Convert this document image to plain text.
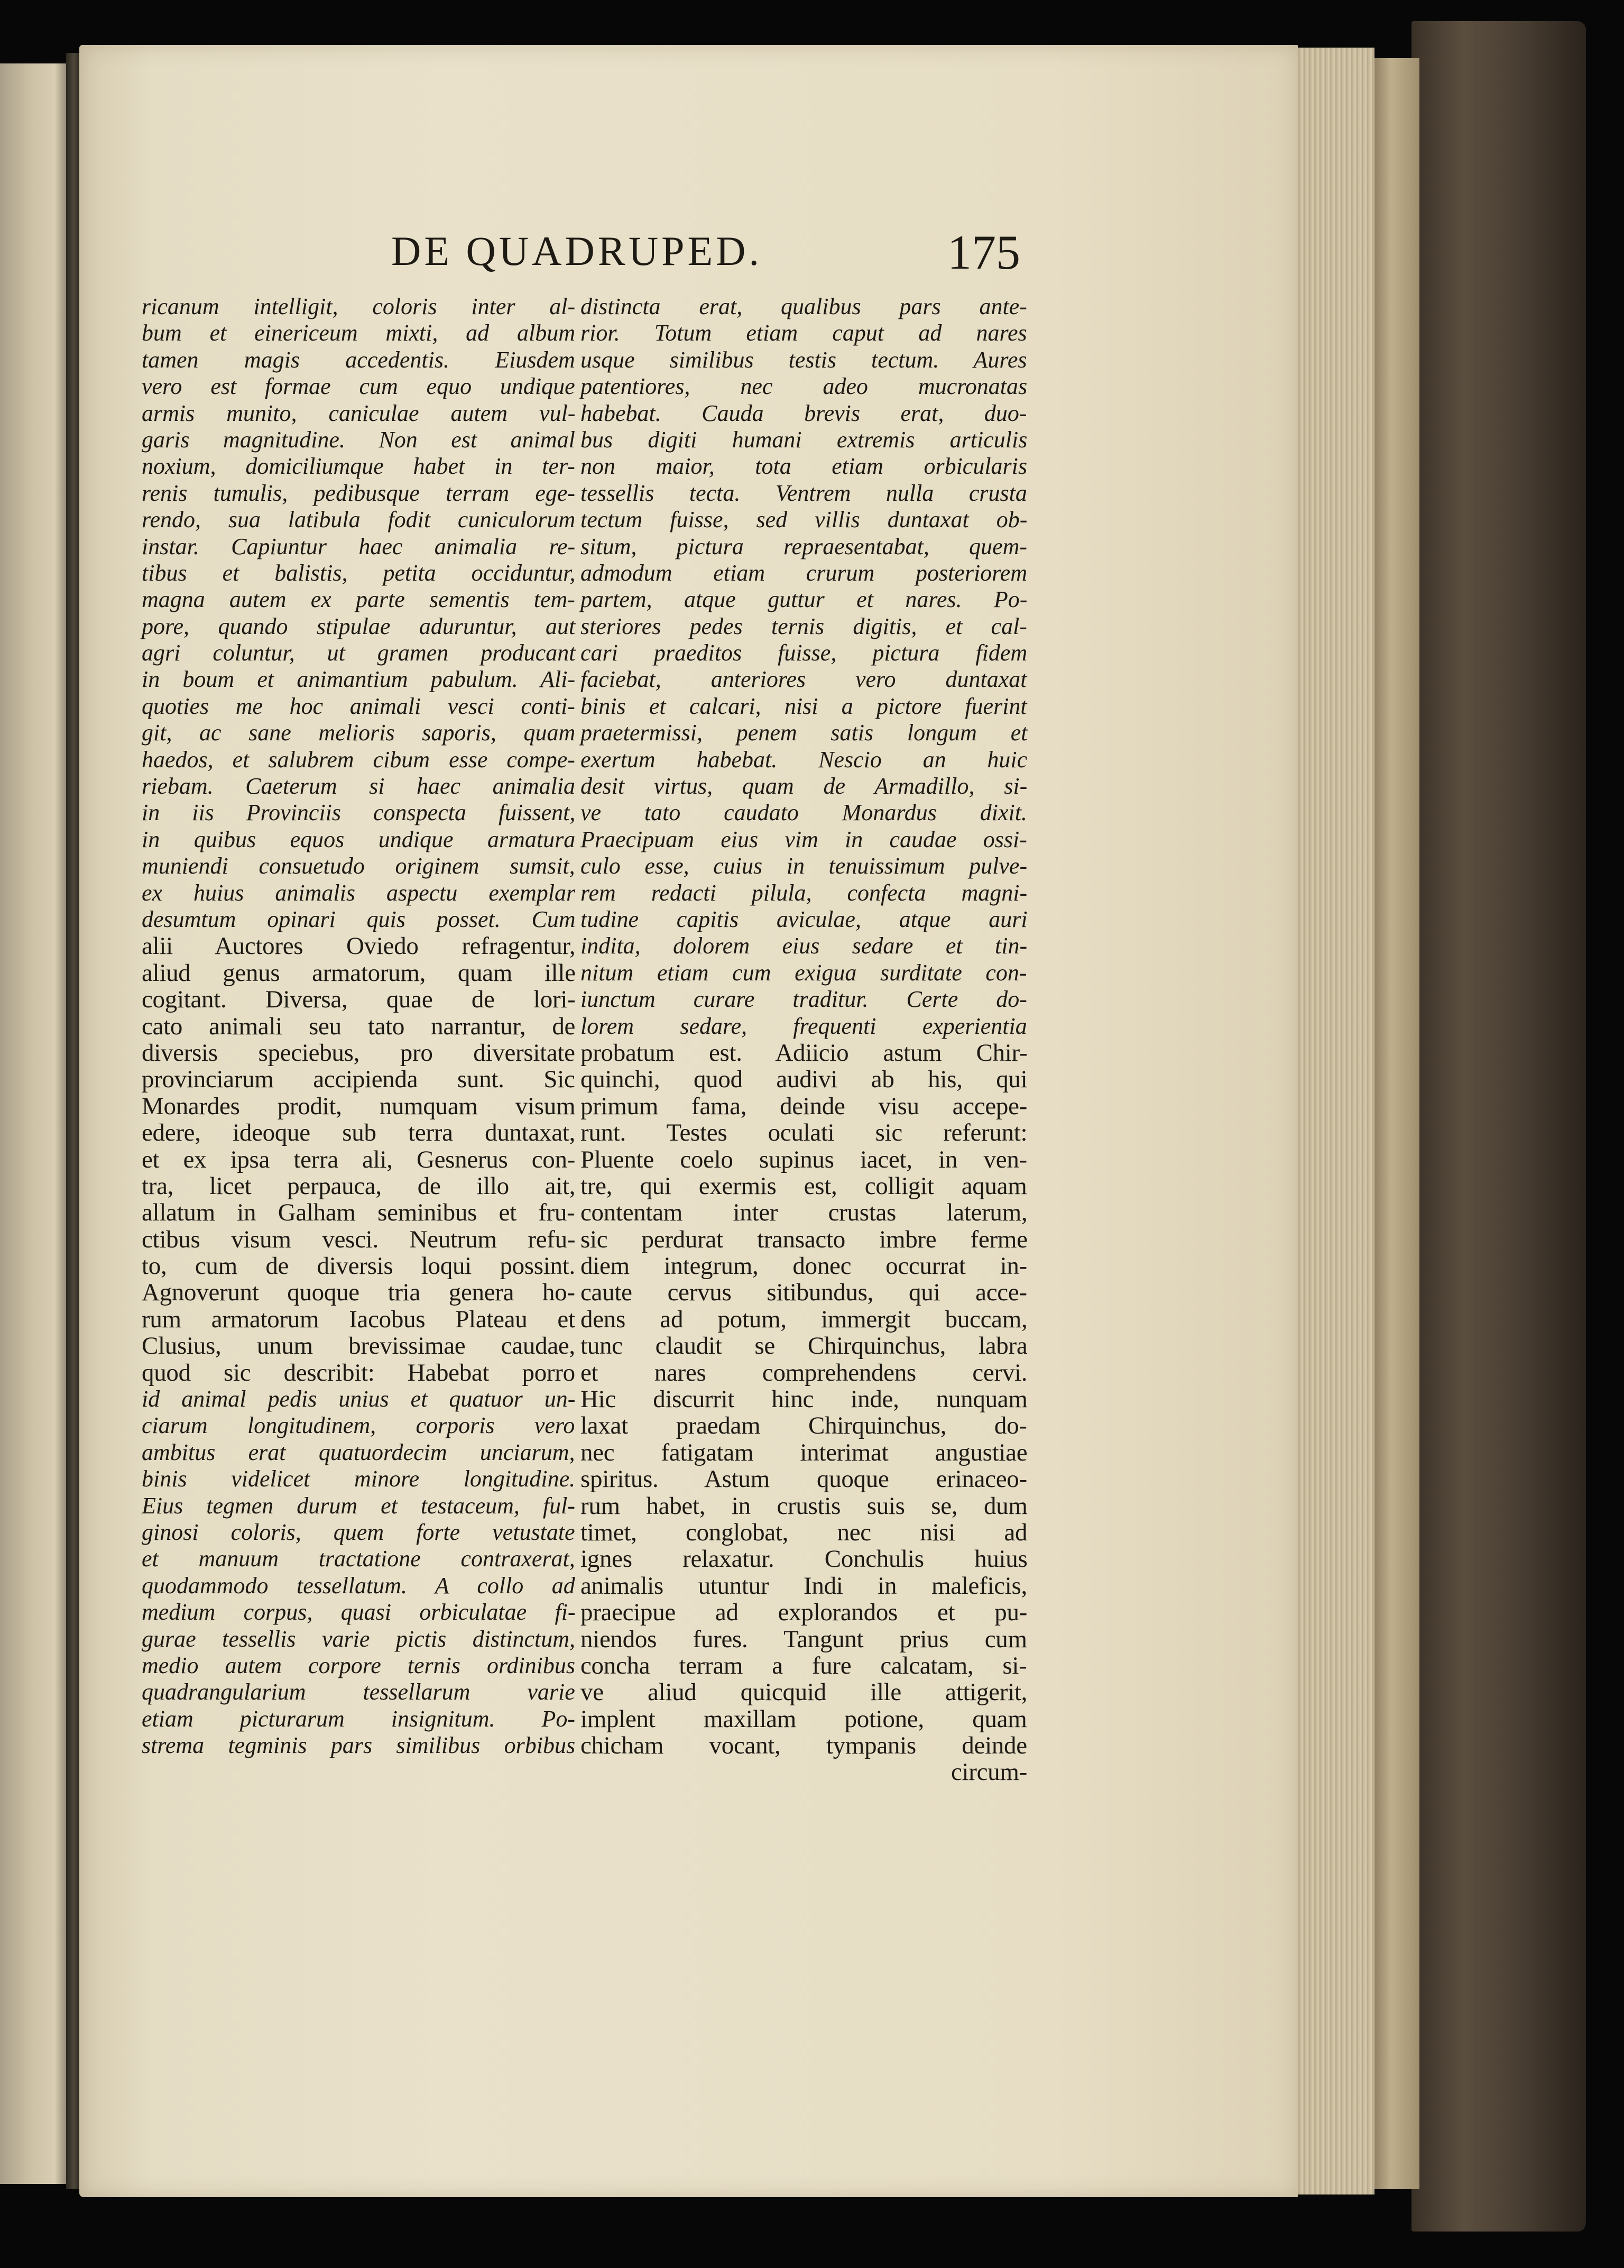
DE QUADRUPED.	175
ricanum intelligit, coloris inter al-
bum et einericeum mixti, ad album
tamen magis accedentis. Eiusdem
vero est formae cum equo undique
armis munito, caniculae autem vul-
garis magnitudine. Non est animal
noxium, domiciliumque habet in ter-
renis tumulis, pedibusque terram ege-
rendo, sua latibula fodit cuniculorum
instar. Capiuntur haec animalia re-
tibus et balistis, petita occiduntur,
magna autem ex parte sementis tem-
pore, quando stipulae aduruntur, aut
agri coluntur, ut gramen producant
in boum et animantium pabulum. Ali-
quoties me hoc animali vesci conti-
git, ac sane melioris saporis, quam
haedos, et salubrem cibum esse compe-
riebam. Caeterum si haec animalia
in iis Provinciis conspecta fuissent,
in quibus equos undique armatura
muniendi consuetudo originem sumsit,
ex huius animalis aspectu exemplar
desumtum opinari quis posset. Cum
alii Auctores Oviedo refragentur,
aliud genus armatorum, quam ille
cogitant. Diversa, quae de lori-
cato animali seu tato narrantur, de
diversis speciebus, pro diversitate
provinciarum accipienda sunt. Sic
Monardes prodit, numquam visum
edere, ideoque sub terra duntaxat,
et ex ipsa terra ali, Gesnerus con-
tra, licet perpauca, de illo ait,
allatum in Galham seminibus et fru-
ctibus visum vesci. Neutrum refu-
to, cum de diversis loqui possint.
Agnoverunt quoque tria genera ho-
rum armatorum Iacobus Plateau et
Clusius, unum brevissimae caudae,
quod sic describit: Habebat porro
id animal pedis unius et quatuor un-
ciarum longitudinem, corporis vero
ambitus erat quatuordecim unciarum,
binis videlicet minore longitudine.
Eius tegmen durum et testaceum, ful-
ginosi coloris, quem forte vetustate
et manuum tractatione contraxerat,
quodammodo tessellatum. A collo ad
medium corpus, quasi orbiculatae fi-
gurae tessellis varie pictis distinctum,
medio autem corpore ternis ordinibus
quadrangularium tessellarum varie
etiam picturarum insignitum. Po-
strema tegminis pars similibus orbibus
distincta erat, qualibus pars ante-
rior. Totum etiam caput ad nares
usque similibus testis tectum. Aures
patentiores, nec adeo mucronatas
habebat. Cauda brevis erat, duo-
bus digiti humani extremis articulis
non maior, tota etiam orbicularis
tessellis tecta. Ventrem nulla crusta
tectum fuisse, sed villis duntaxat ob-
situm, pictura repraesentabat, quem-
admodum etiam crurum posteriorem
partem, atque guttur et nares. Po-
steriores pedes ternis digitis, et cal-
cari praeditos fuisse, pictura fidem
faciebat, anteriores vero duntaxat
binis et calcari, nisi a pictore fuerint
praetermissi, penem satis longum et
exertum habebat. Nescio an huic
desit virtus, quam de Armadillo, si-
ve tato caudato Monardus dixit.
Praecipuam eius vim in caudae ossi-
culo esse, cuius in tenuissimum pulve-
rem redacti pilula, confecta magni-
tudine capitis aviculae, atque auri
indita, dolorem eius sedare et tin-
nitum etiam cum exigua surditate con-
iunctum curare traditur. Certe do-
lorem sedare, frequenti experientia
probatum est. Adiicio astum Chir-
quinchi, quod audivi ab his, qui
primum fama, deinde visu accepe-
runt. Testes oculati sic referunt:
Pluente coelo supinus iacet, in ven-
tre, qui exermis est, colligit aquam
contentam inter crustas laterum,
sic perdurat transacto imbre ferme
diem integrum, donec occurrat in-
caute cervus sitibundus, qui acce-
dens ad potum, immergit buccam,
tunc claudit se Chirquinchus, labra
et nares comprehendens cervi.
Hic discurrit hinc inde, nunquam
laxat praedam Chirquinchus, do-
nec fatigatam interimat angustiae
spiritus. Astum quoque erinaceo-
rum habet, in crustis suis se, dum
timet, conglobat, nec nisi ad
ignes relaxatur. Conchulis huius
animalis utuntur Indi in maleficis,
praecipue ad explorandos et pu-
niendos fures. Tangunt prius cum
concha terram a fure calcatam, si-
ve aliud quicquid ille attigerit,
implent maxillam potione, quam
chicham vocant, tympanis deinde
circum-
